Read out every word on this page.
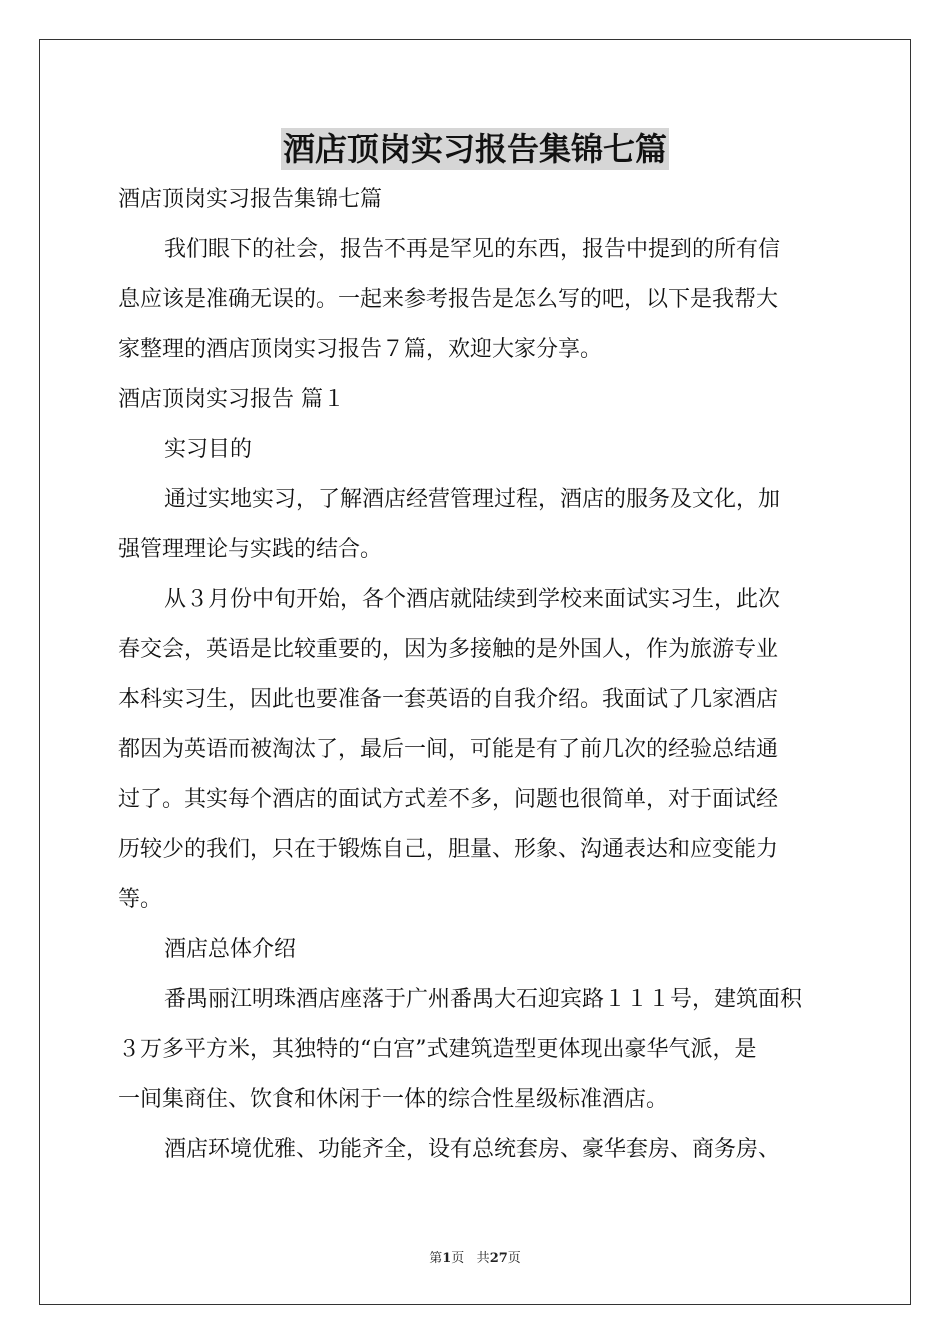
酒店顶岗实习报告集锦七篇

酒店顶岗实习报告集锦七篇

我们眼下的社会，报告不再是罕见的东西，报告中提到的所有信

息应该是准确无误的。一起来参考报告是怎么写的吧，以下是我帮大

家整理的酒店顶岗实习报告７篇，欢迎大家分享。

酒店顶岗实习报告 篇１

实习目的

通过实地实习，了解酒店经营管理过程，酒店的服务及文化，加

强管理理论与实践的结合。

从３月份中旬开始，各个酒店就陆续到学校来面试实习生，此次

春交会，英语是比较重要的，因为多接触的是外国人，作为旅游专业

本科实习生，因此也要准备一套英语的自我介绍。我面试了几家酒店

都因为英语而被淘汰了，最后一间，可能是有了前几次的经验总结通

过了。其实每个酒店的面试方式差不多，问题也很简单，对于面试经

历较少的我们，只在于锻炼自己，胆量、形象、沟通表达和应变能力

等。

酒店总体介绍

番禺丽江明珠酒店座落于广州番禺大石迎宾路１１１号，建筑面积

３万多平方米，其独特的“白宫”式建筑造型更体现出豪华气派，是

一间集商住、饮食和休闲于一体的综合性星级标准酒店。

酒店环境优雅、功能齐全，设有总统套房、豪华套房、商务房、

第1页 共27页
